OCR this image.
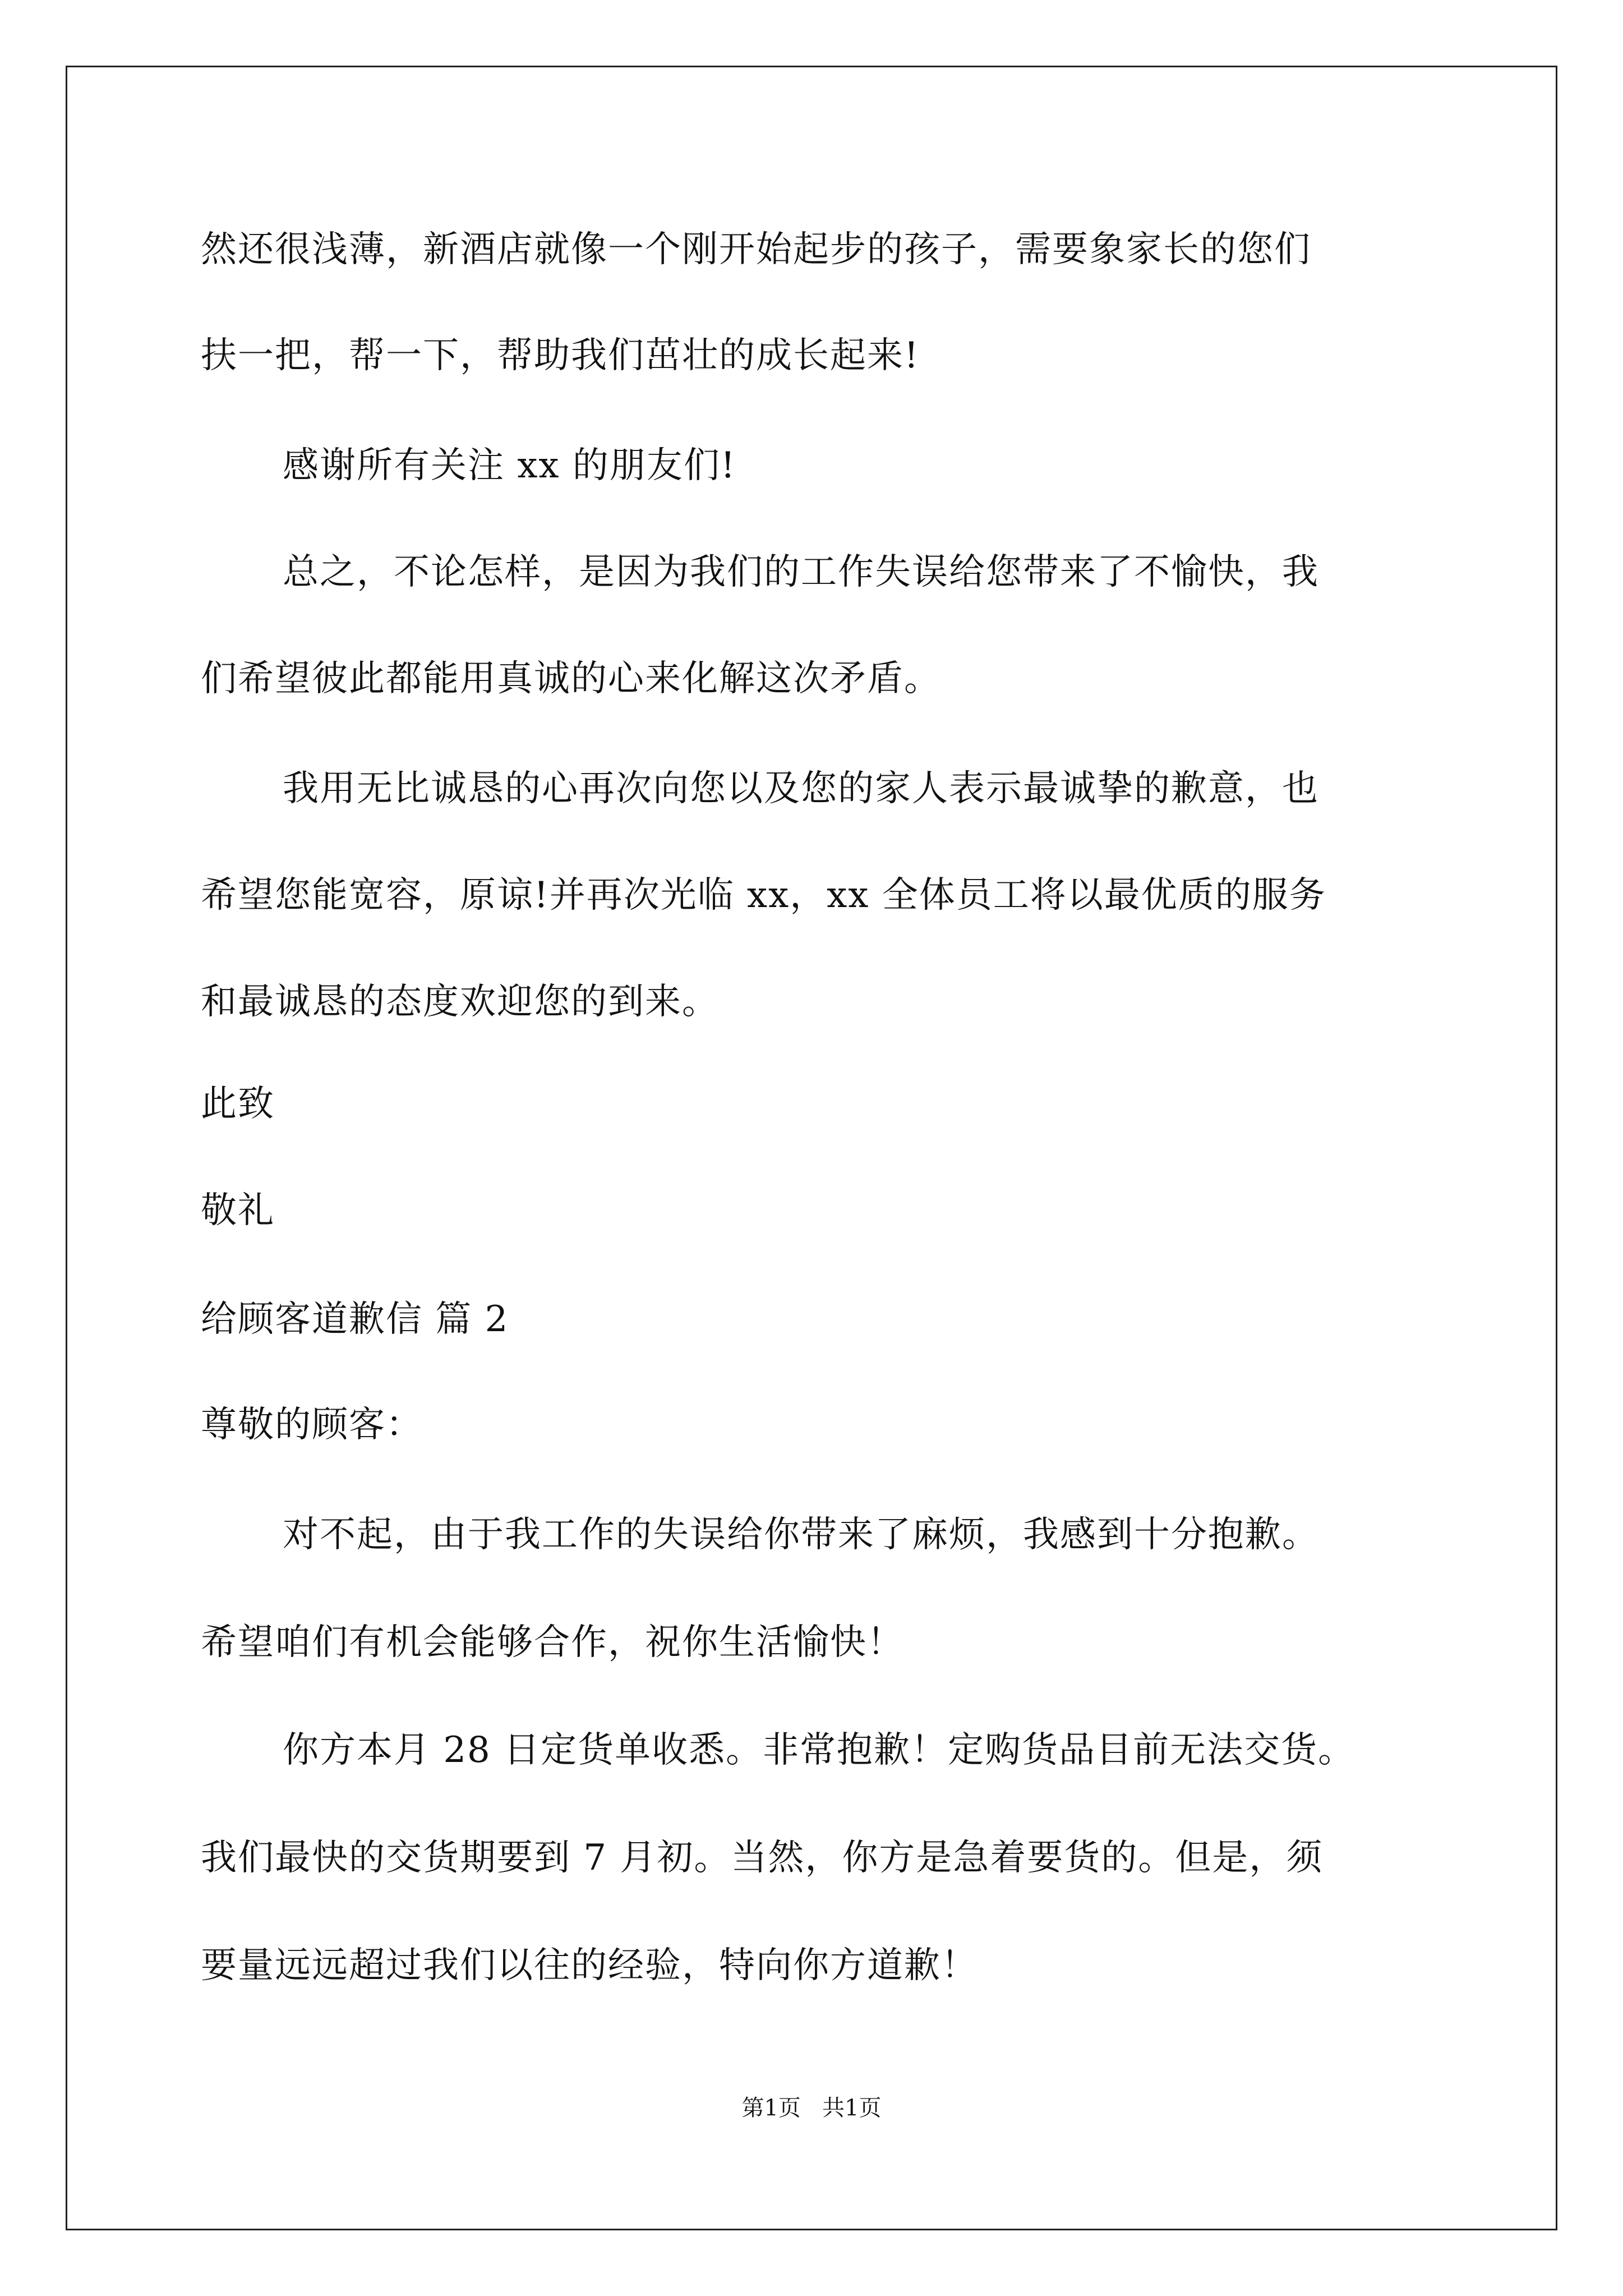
然还很浅薄，新酒店就像一个刚开始起步的孩子，需要象家长的您们
扶一把，帮一下，帮助我们茁壮的成长起来!
感谢所有关注 xx 的朋友们!
总之，不论怎样，是因为我们的工作失误给您带来了不愉快，我
们希望彼此都能用真诚的心来化解这次矛盾。
我用无比诚恳的心再次向您以及您的家人表示最诚挚的歉意，也
希望您能宽容，原谅!并再次光临 xx，xx 全体员工将以最优质的服务
和最诚恳的态度欢迎您的到来。
此致
敬礼
给顾客道歉信 篇 2
尊敬的顾客：
对不起，由于我工作的失误给你带来了麻烦，我感到十分抱歉。
希望咱们有机会能够合作，祝你生活愉快！
你方本月 28 日定货单收悉。非常抱歉！定购货品目前无法交货。
我们最快的交货期要到 7 月初。当然，你方是急着要货的。但是，须
要量远远超过我们以往的经验，特向你方道歉！
第1页   共1页
